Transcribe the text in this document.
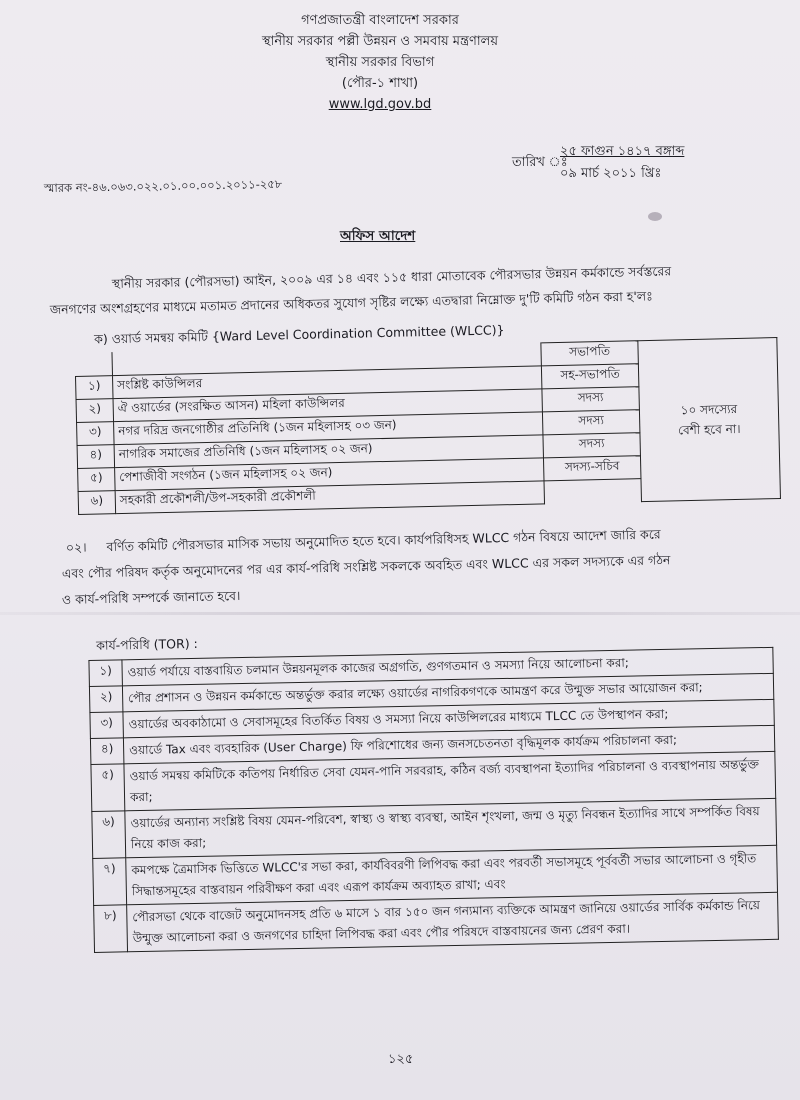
গণপ্রজাতন্ত্রী বাংলাদেশ সরকার
স্থানীয় সরকার পল্লী উন্নয়ন ও সমবায় মন্ত্রণালয়
স্থানীয় সরকার বিভাগ
(পৌর-১ শাখা)
www.lgd.gov.bd
তারিখ ঃ
২৫ ফাগুন ১৪১৭ বঙ্গাব্দ
০৯ মার্চ ২০১১ খ্রিঃ
স্মারক নং-৪৬.০৬৩.০২২.০১.০০.০০১.২০১১-২৫৮
অফিস আদেশ
স্থানীয় সরকার (পৌরসভা) আইন, ২০০৯ এর ১৪ এবং ১১৫ ধারা মোতাবেক পৌরসভার উন্নয়ন কর্মকান্ডে সর্বস্তরের
জনগণের অংশগ্রহণের মাধ্যমে মতামত প্রদানের অধিকতর সুযোগ সৃষ্টির লক্ষ্যে এতদ্বারা নিম্নোক্ত দু'টি কমিটি গঠন করা হ'লঃ
ক) ওয়ার্ড সমন্বয় কমিটি {Ward Level Coordination Committee (WLCC)}
		সভাপতি	১০ সদস্যের
বেশী হবে না।

১)	সংশ্লিষ্ট কাউন্সিলর	সহ-সভাপতি	
২)	ঐ ওয়ার্ডের (সংরক্ষিত আসন) মহিলা কাউন্সিলর	সদস্য	
৩)	নগর দরিদ্র জনগোষ্ঠীর প্রতিনিধি (১জন মহিলাসহ ০৩ জন)	সদস্য	
৪)	নাগরিক সমাজের প্রতিনিধি (১জন মহিলাসহ ০২ জন)	সদস্য	
৫)	পেশাজীবী সংগঠন (১জন মহিলাসহ ০২ জন)	সদস্য-সচিব	
৬)	সহকারী প্রকৌশলী/উপ-সহকারী প্রকৌশলী		
০২। বর্ণিত কমিটি পৌরসভার মাসিক সভায় অনুমোদিত হতে হবে। কার্যপরিধিসহ WLCC গঠন বিষয়ে আদেশ জারি করে
এবং পৌর পরিষদ কর্তৃক অনুমোদনের পর এর কার্য-পরিধি সংশ্লিষ্ট সকলকে অবহিত এবং WLCC এর সকল সদস্যকে এর গঠন
ও কার্য-পরিধি সম্পর্কে জানাতে হবে।
কার্য-পরিধি (TOR) :
১)	ওয়ার্ড পর্যায়ে বাস্তবায়িত চলমান উন্নয়নমূলক কাজের অগ্রগতি, গুণগতমান ও সমস্যা নিয়ে আলোচনা করা;
২)	পৌর প্রশাসন ও উন্নয়ন কর্মকান্ডে অন্তর্ভুক্ত করার লক্ষ্যে ওয়ার্ডের নাগরিকগণকে আমন্ত্রণ করে উন্মুক্ত সভার আয়োজন করা;
৩)	ওয়ার্ডের অবকাঠামো ও সেবাসমূহের বিতর্কিত বিষয় ও সমস্যা নিয়ে কাউন্সিলরের মাধ্যমে TLCC তে উপস্থাপন করা;
৪)	ওয়ার্ডে Tax এবং ব্যবহারিক (User Charge) ফি পরিশোধের জন্য জনসচেতনতা বৃদ্ধিমূলক কার্যক্রম পরিচালনা করা;
৫)	ওয়ার্ড সমন্বয় কমিটিকে কতিপয় নির্ধারিত সেবা যেমন-পানি সরবরাহ, কঠিন বর্জ্য ব্যবস্থাপনা ইত্যাদির পরিচালনা ও ব্যবস্থাপনায় অন্তর্ভুক্ত করা;
৬)	ওয়ার্ডের অন্যান্য সংশ্লিষ্ট বিষয় যেমন-পরিবেশ, স্বাস্থ্য ও স্বাস্থ্য ব্যবস্থা, আইন শৃংখলা, জন্ম ও মৃত্যু নিবন্ধন ইত্যাদির সাথে সম্পর্কিত বিষয় নিয়ে কাজ করা;
৭)	কমপক্ষে ত্রৈমাসিক ভিত্তিতে WLCC'র সভা করা, কার্যবিবরণী লিপিবদ্ধ করা এবং পরবর্তী সভাসমূহে পূর্ববর্তী সভার আলোচনা ও গৃহীত সিদ্ধান্তসমূহের বাস্তবায়ন পরিবীক্ষণ করা এবং এরূপ কার্যক্রম অব্যাহত রাখা; এবং
৮)	পৌরসভা থেকে বাজেট অনুমোদনসহ প্রতি ৬ মাসে ১ বার ১৫০ জন গন্যমান্য ব্যক্তিকে আমন্ত্রণ জানিয়ে ওয়ার্ডের সার্বিক কর্মকান্ড নিয়ে উন্মুক্ত আলোচনা করা ও জনগণের চাহিদা লিপিবদ্ধ করা এবং পৌর পরিষদে বাস্তবায়নের জন্য প্রেরণ করা।
১২৫
